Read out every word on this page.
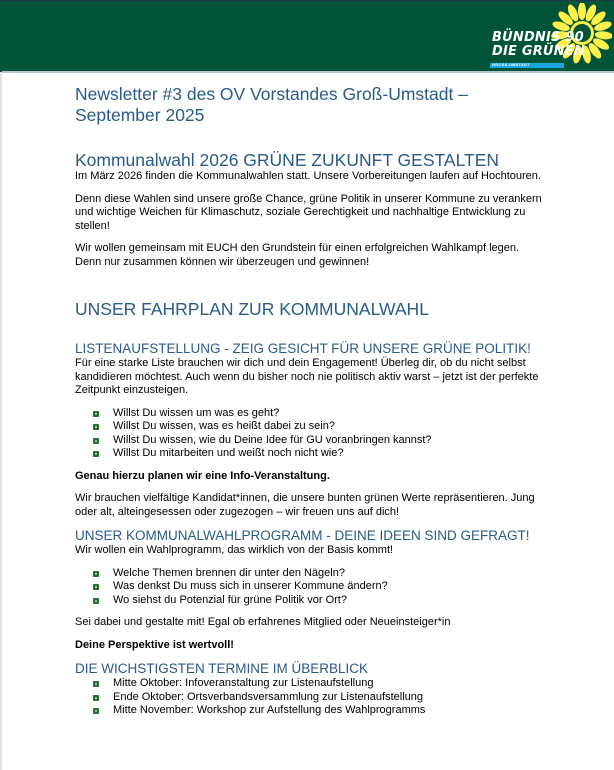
BÜNDNIS 90
DIE GRÜNEN
GROSS-UMSTADT
Newsletter #3 des OV Vorstandes Groß-Umstadt – September 2025
Kommunalwahl 2026 GRÜNE ZUKUNFT GESTALTEN

Im März 2026 finden die Kommunalwahlen statt. Unsere Vorbereitungen laufen auf Hochtouren.

Denn diese Wahlen sind unsere große Chance, grüne Politik in unserer Kommune zu verankern und wichtige Weichen für Klimaschutz, soziale Gerechtigkeit und nachhaltige Entwicklung zu stellen!

Wir wollen gemeinsam mit EUCH den Grundstein für einen erfolgreichen Wahlkampf legen. Denn nur zusammen können wir überzeugen und gewinnen!

UNSER FAHRPLAN ZUR KOMMUNALWAHL
LISTENAUFSTELLUNG - ZEIG GESICHT FÜR UNSERE GRÜNE POLITIK!

Für eine starke Liste brauchen wir dich und dein Engagement! Überleg dir, ob du nicht selbst kandidieren möchtest. Auch wenn du bisher noch nie politisch aktiv warst – jetzt ist der perfekte Zeitpunkt einzusteigen.

Willst Du wissen um was es geht?
Willst Du wissen, was es heißt dabei zu sein?
Willst Du wissen, wie du Deine Idee für GU voranbringen kannst?
Willst Du mitarbeiten und weißt noch nicht wie?

Genau hierzu planen wir eine Info-Veranstaltung.

Wir brauchen vielfältige Kandidat*innen, die unsere bunten grünen Werte repräsentieren. Jung oder alt, alteingesessen oder zugezogen – wir freuen uns auf dich!

UNSER KOMMUNALWAHLPROGRAMM - DEINE IDEEN SIND GEFRAGT!

Wir wollen ein Wahlprogramm, das wirklich von der Basis kommt!

Welche Themen brennen dir unter den Nägeln?
Was denkst Du muss sich in unserer Kommune ändern?
Wo siehst du Potenzial für grüne Politik vor Ort?

Sei dabei und gestalte mit! Egal ob erfahrenes Mitglied oder Neueinsteiger*in

Deine Perspektive ist wertvoll!

DIE WICHSTIGSTEN TERMINE IM ÜBERBLICK
Mitte Oktober: Infoveranstaltung zur Listenaufstellung
Ende Oktober: Ortsverbandsversammlung zur Listenaufstellung
Mitte November: Workshop zur Aufstellung des Wahlprogramms
